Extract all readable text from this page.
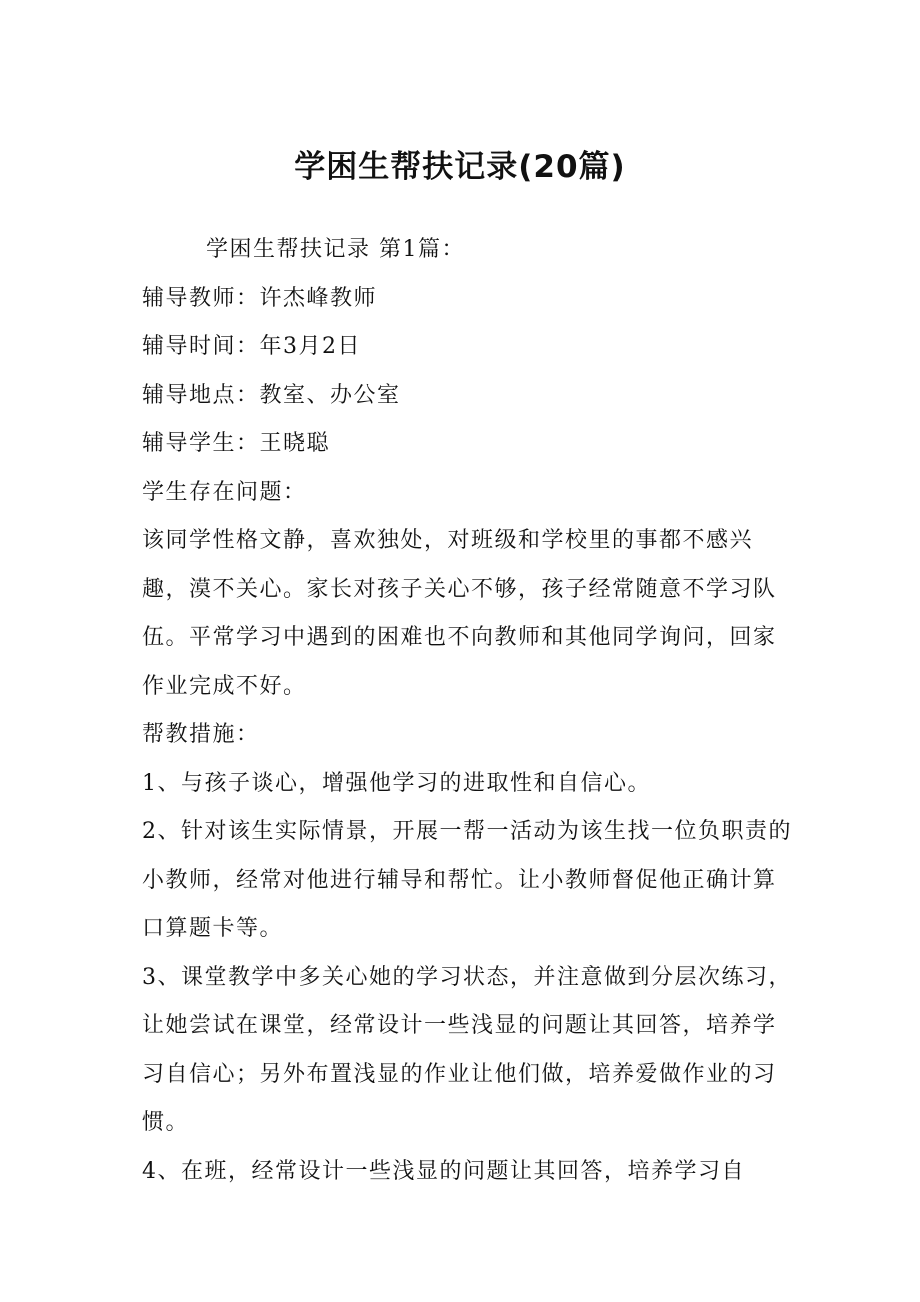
学困生帮扶记录(20篇)

学困生帮扶记录 第1篇：

辅导教师：许杰峰教师

辅导时间：年3月2日

辅导地点：教室、办公室

辅导学生：王晓聪

学生存在问题：

该同学性格文静，喜欢独处，对班级和学校里的事都不感兴趣，漠不关心。家长对孩子关心不够，孩子经常随意不学习队伍。平常学习中遇到的困难也不向教师和其他同学询问，回家作业完成不好。

帮教措施：

1、与孩子谈心，增强他学习的进取性和自信心。

2、针对该生实际情景，开展一帮一活动为该生找一位负职责的小教师，经常对他进行辅导和帮忙。让小教师督促他正确计算口算题卡等。

3、课堂教学中多关心她的学习状态，并注意做到分层次练习，让她尝试在课堂，经常设计一些浅显的问题让其回答，培养学习自信心；另外布置浅显的作业让他们做，培养爱做作业的习惯。

4、在班，经常设计一些浅显的问题让其回答，培养学习自
